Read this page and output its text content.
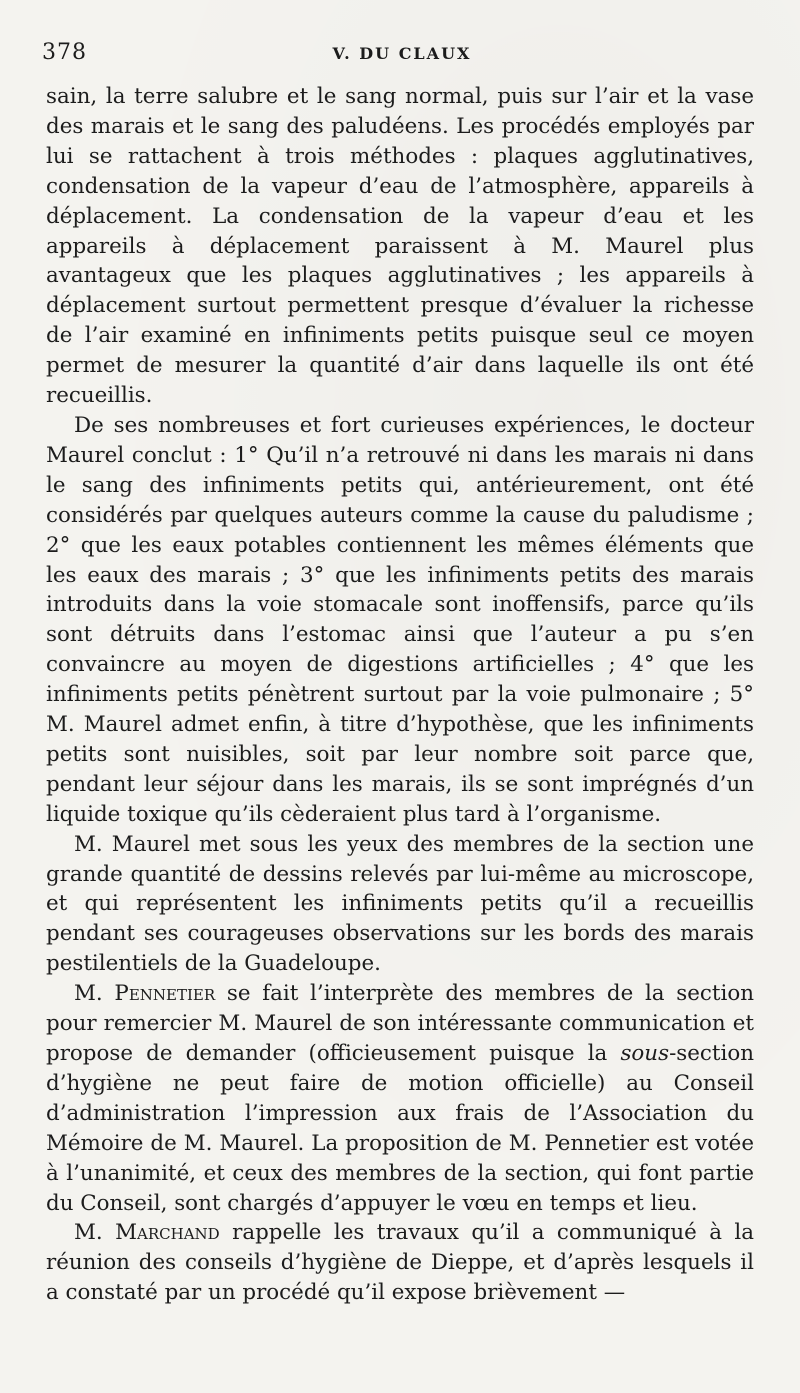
378	V. DU CLAUX

sain, la terre salubre et le sang normal, puis sur l’air et la vase des marais et le sang des paludéens. Les procédés employés par lui se rattachent à trois méthodes : plaques agglutinatives, condensation de la vapeur d’eau de l’atmosphère, appareils à déplacement. La condensation de la vapeur d’eau et les appareils à déplacement paraissent à M. Maurel plus avantageux que les plaques agglutinatives ; les appareils à déplacement surtout permettent presque d’évaluer la richesse de l’air examiné en infiniments petits puisque seul ce moyen permet de mesurer la quantité d’air dans laquelle ils ont été recueillis.

De ses nombreuses et fort curieuses expériences, le docteur Maurel conclut : 1° Qu’il n’a retrouvé ni dans les marais ni dans le sang des infiniments petits qui, antérieurement, ont été considérés par quelques auteurs comme la cause du paludisme ; 2° que les eaux potables contiennent les mêmes éléments que les eaux des marais ; 3° que les infiniments petits des marais introduits dans la voie stomacale sont inoffensifs, parce qu’ils sont détruits dans l’estomac ainsi que l’auteur a pu s’en convaincre au moyen de digestions artificielles ; 4° que les infiniments petits pénètrent surtout par la voie pulmonaire ; 5° M. Maurel admet enfin, à titre d’hypothèse, que les infiniments petits sont nuisibles, soit par leur nombre soit parce que, pendant leur séjour dans les marais, ils se sont imprégnés d’un liquide toxique qu’ils cèderaient plus tard à l’organisme.

M. Maurel met sous les yeux des membres de la section une grande quantité de dessins relevés par lui-même au microscope, et qui représentent les infiniments petits qu’il a recueillis pendant ses courageuses observations sur les bords des marais pestilentiels de la Guadeloupe.

M. Pennetier se fait l’interprète des membres de la section pour remercier M. Maurel de son intéressante communication et propose de demander (officieusement puisque la sous-section d’hygiène ne peut faire de motion officielle) au Conseil d’administration l’impression aux frais de l’Association du Mémoire de M. Maurel. La proposition de M. Pennetier est votée à l’unanimité, et ceux des membres de la section, qui font partie du Conseil, sont chargés d’appuyer le vœu en temps et lieu.

M. Marchand rappelle les travaux qu’il a communiqué à la réunion des conseils d’hygiène de Dieppe, et d’après lesquels il a constaté par un procédé qu’il expose brièvement —
